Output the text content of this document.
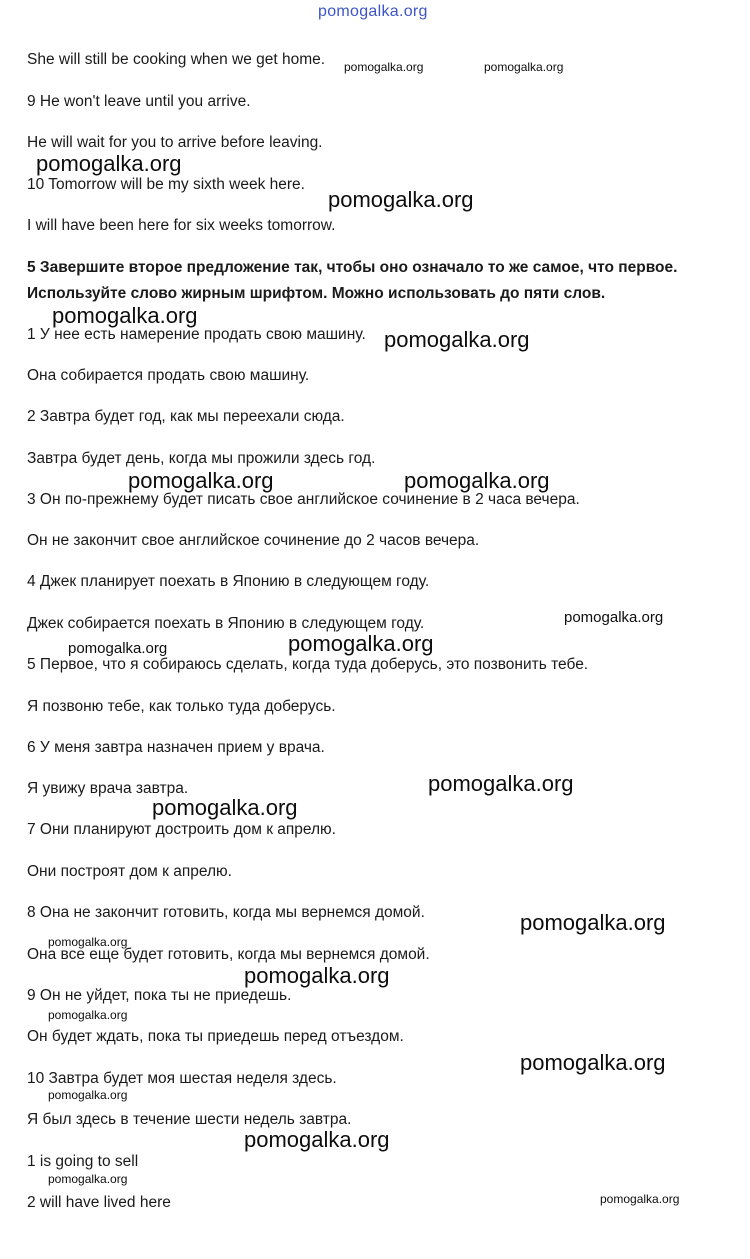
pomogalka.org
She will still be cooking when we get home.
9 He won't leave until you arrive.
He will wait for you to arrive before leaving.
10 Tomorrow will be my sixth week here.
I will have been here for six weeks tomorrow.
5 Завершите второе предложение так, чтобы оно означало то же самое, что первое.
Используйте слово жирным шрифтом. Можно использовать до пяти слов.
1 У нее есть намерение продать свою машину.
Она собирается продать свою машину.
2 Завтра будет год, как мы переехали сюда.
Завтра будет день, когда мы прожили здесь год.
3 Он по-прежнему будет писать свое английское сочинение в 2 часа вечера.
Он не закончит свое английское сочинение до 2 часов вечера.
4 Джек планирует поехать в Японию в следующем году.
Джек собирается поехать в Японию в следующем году.
5 Первое, что я собираюсь сделать, когда туда доберусь, это позвонить тебе.
Я позвоню тебе, как только туда доберусь.
6 У меня завтра назначен прием у врача.
Я увижу врача завтра.
7 Они планируют достроить дом к апрелю.
Они построят дом к апрелю.
8 Она не закончит готовить, когда мы вернемся домой.
Она все еще будет готовить, когда мы вернемся домой.
9 Он не уйдет, пока ты не приедешь.
Он будет ждать, пока ты приедешь перед отъездом.
10 Завтра будет моя шестая неделя здесь.
Я был здесь в течение шести недель завтра.
1 is going to sell
2 will have lived here
pomogalka.org	pomogalka.org
pomogalka.org
pomogalka.org
pomogalka.org
pomogalka.org
pomogalka.org	pomogalka.org
pomogalka.org
pomogalka.org	pomogalka.org
pomogalka.org
pomogalka.org
pomogalka.org
pomogalka.org
pomogalka.org
pomogalka.org
pomogalka.org
pomogalka.org
pomogalka.org
pomogalka.org
pomogalka.org
